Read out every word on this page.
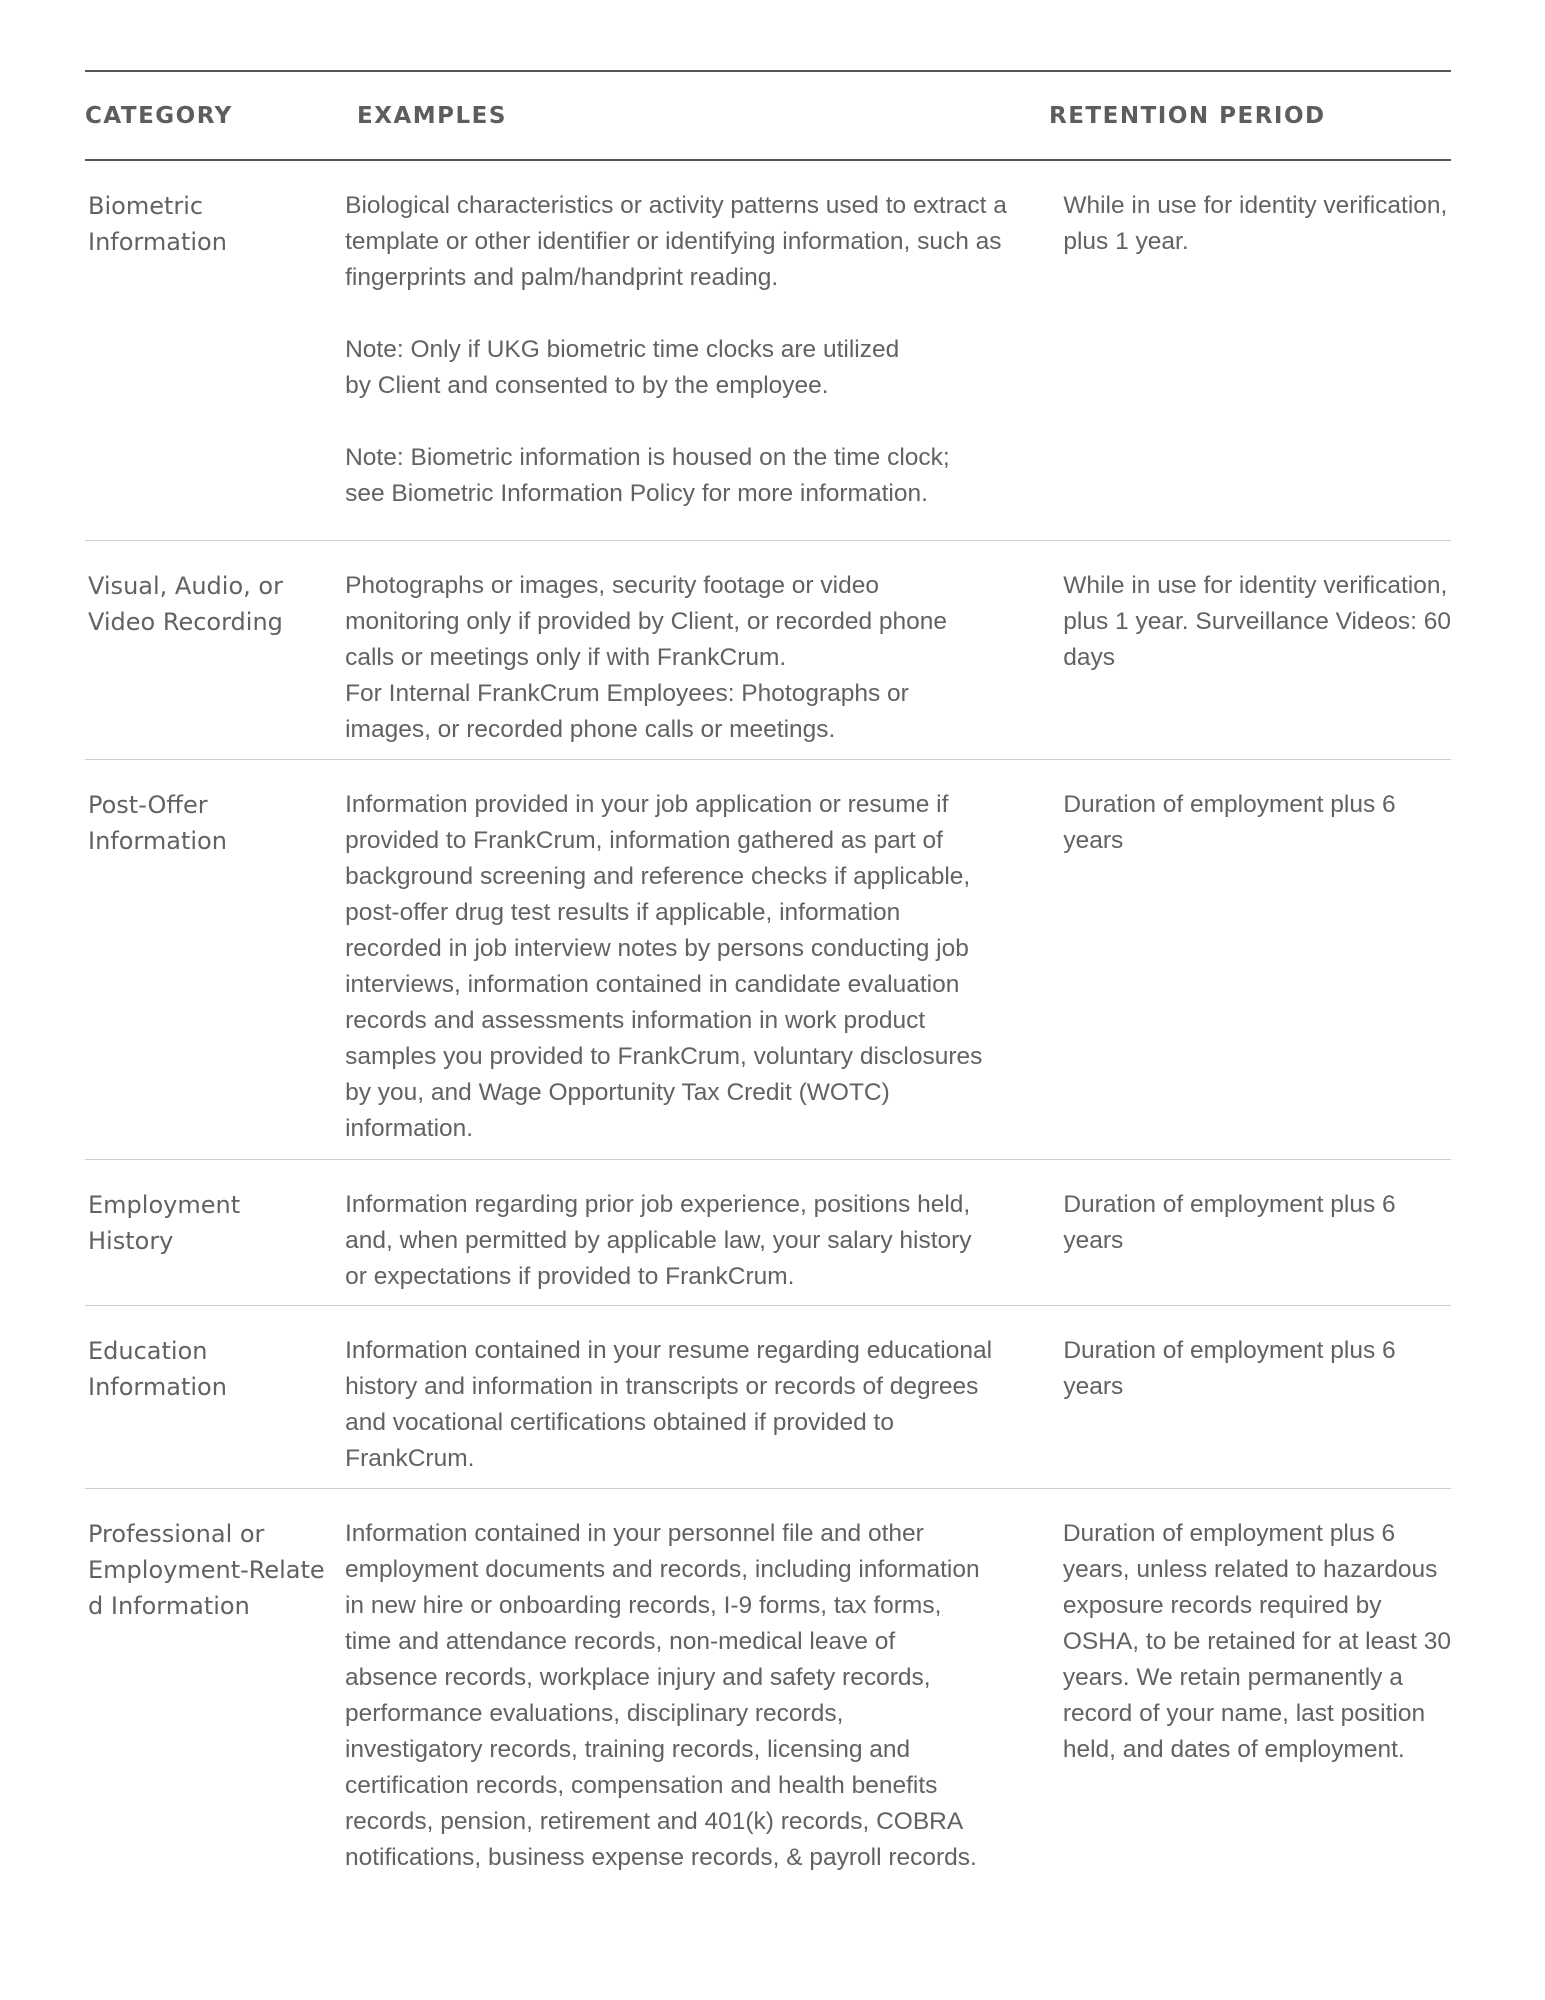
CATEGORY	EXAMPLES	RETENTION PERIOD
Biometric
Information

Biological characteristics or activity patterns used to extract a
template or other identifier or identifying information, such as
fingerprints and palm/handprint reading.

Note: Only if UKG biometric time clocks are utilized
by Client and consented to by the employee.

Note: Biometric information is housed on the time clock;
see Biometric Information Policy for more information.

While in use for identity verification,
plus 1 year.
Visual, Audio, or
Video Recording

Photographs or images, security footage or video
monitoring only if provided by Client, or recorded phone
calls or meetings only if with FrankCrum.
For Internal FrankCrum Employees: Photographs or
images, or recorded phone calls or meetings.

While in use for identity verification,
plus 1 year. Surveillance Videos: 60
days
Post-Offer
Information

Information provided in your job application or resume if
provided to FrankCrum, information gathered as part of
background screening and reference checks if applicable,
post-offer drug test results if applicable, information
recorded in job interview notes by persons conducting job
interviews, information contained in candidate evaluation
records and assessments information in work product
samples you provided to FrankCrum, voluntary disclosures
by you, and Wage Opportunity Tax Credit (WOTC)
information.

Duration of employment plus 6
years
Employment
History

Information regarding prior job experience, positions held,
and, when permitted by applicable law, your salary history
or expectations if provided to FrankCrum.

Duration of employment plus 6
years
Education
Information

Information contained in your resume regarding educational
history and information in transcripts or records of degrees
and vocational certifications obtained if provided to
FrankCrum.

Duration of employment plus 6
years
Professional or
Employment-Relate
d Information

Information contained in your personnel file and other
employment documents and records, including information
in new hire or onboarding records, I-9 forms, tax forms,
time and attendance records, non-medical leave of
absence records, workplace injury and safety records,
performance evaluations, disciplinary records,
investigatory records, training records, licensing and
certification records, compensation and health benefits
records, pension, retirement and 401(k) records, COBRA
notifications, business expense records, & payroll records.

Duration of employment plus 6
years, unless related to hazardous
exposure records required by
OSHA, to be retained for at least 30
years. We retain permanently a
record of your name, last position
held, and dates of employment.
